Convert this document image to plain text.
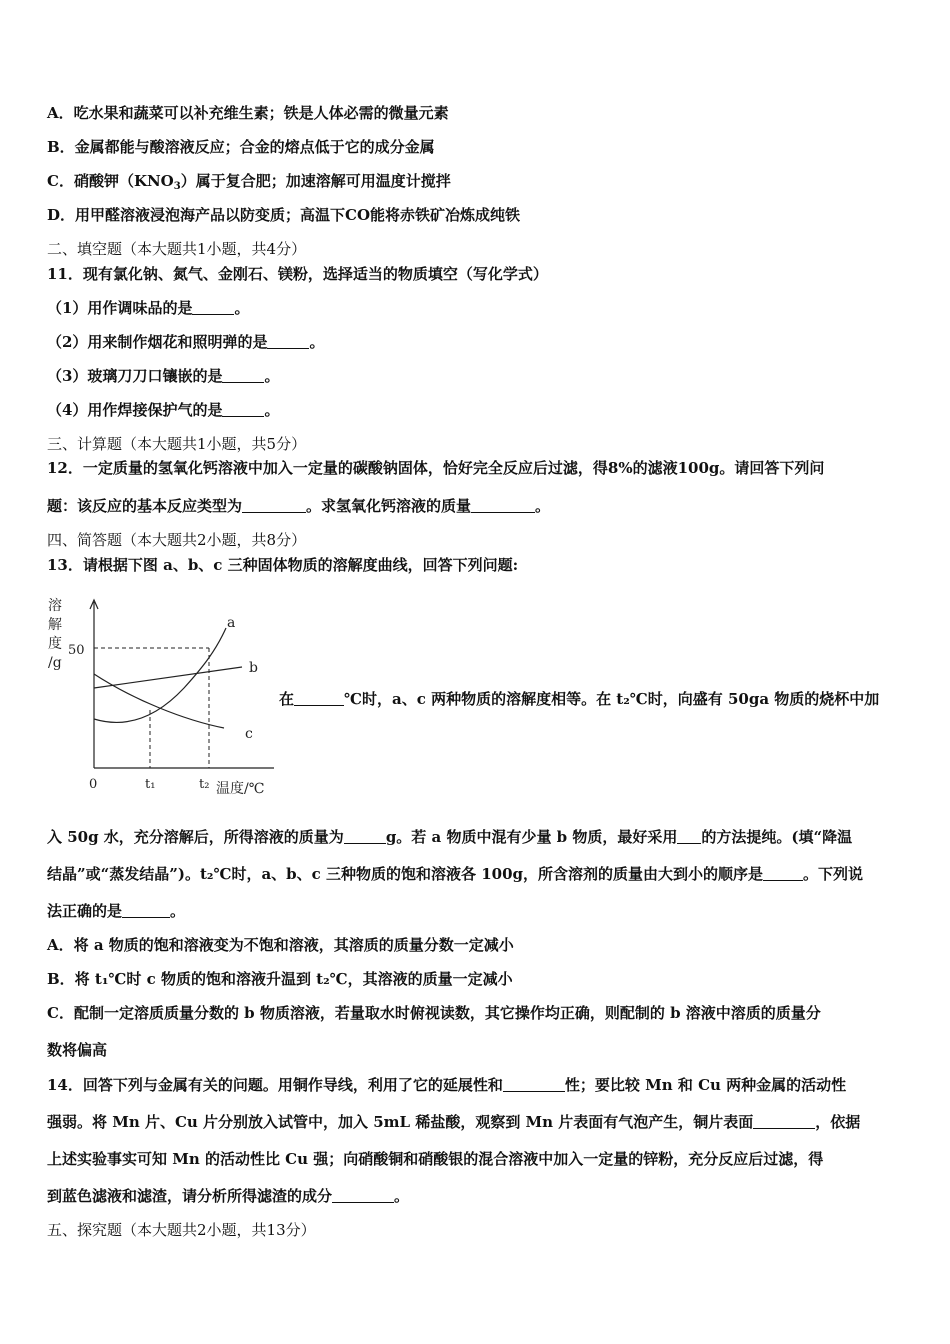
A．吃水果和蔬菜可以补充维生素；铁是人体必需的微量元素
B．金属都能与酸溶液反应；合金的熔点低于它的成分金属
C．硝酸钾$(KNO_3)$属于复合肥；加速溶解可用温度计搅拌
D．用甲醛溶液浸泡海产品以防变质；高温下CO能将赤铁矿冶炼成纯铁
二、填空题（本大题共1小题，共4分）
11．现有氯化钠、氮气、金刚石、镁粉，选择适当的物质填空（写化学式）
（1）用作调味品的是	。
（2）用来制作烟花和照明弹的是	。
（3）玻璃刀刀口镶嵌的是	。
（4）用作焊接保护气的是	。
三、计算题（本大题共1小题，共5分）
12．一定质量的氢氧化钙溶液中加入一定量的碳酸钠固体，恰好完全反应后过滤，得8%的滤液100g。请回答下列问
题：该反应的基本反应类型为	。求氢氧化钙溶液的质量	。
四、简答题（本大题共2小题，共8分）
13．请根据下图 a、b、c 三种固体物质的溶解度曲线，回答下列问题:
溶
解
度
/g
50
a
b
c
0	t₁	t₂ 温度/℃
在	℃时，a、c 两种物质的溶解度相等。在 t₂℃时，向盛有 50ga 物质的烧杯中加
入 50g 水，充分溶解后，所得溶液的质量为	g。若 a 物质中混有少量 b 物质，最好采用 的方法提纯。(填“降温
结晶”或“蒸发结晶”)。t₂℃时，a、b、c 三种物质的饱和溶液各 100g，所含溶剂的质量由大到小的顺序是	。下列说
法正确的是	。
A．将 a 物质的饱和溶液变为不饱和溶液，其溶质的质量分数一定减小
B．将 t₁℃时 c 物质的饱和溶液升温到 t₂℃，其溶液的质量一定减小
C．配制一定溶质质量分数的 b 物质溶液，若量取水时俯视读数，其它操作均正确，则配制的 b 溶液中溶质的质量分
数将偏高
14．回答下列与金属有关的问题。用铜作导线，利用了它的延展性和	性；要比较 Mn 和 Cu 两种金属的活动性
强弱。将 Mn 片、Cu 片分别放入试管中，加入 5mL 稀盐酸，观察到 Mn 片表面有气泡产生，铜片表面	，依据
上述实验事实可知 Mn 的活动性比 Cu 强；向硝酸铜和硝酸银的混合溶液中加入一定量的锌粉，充分反应后过滤，得
到蓝色滤液和滤渣，请分析所得滤渣的成分	。
五、探究题（本大题共2小题，共13分）
